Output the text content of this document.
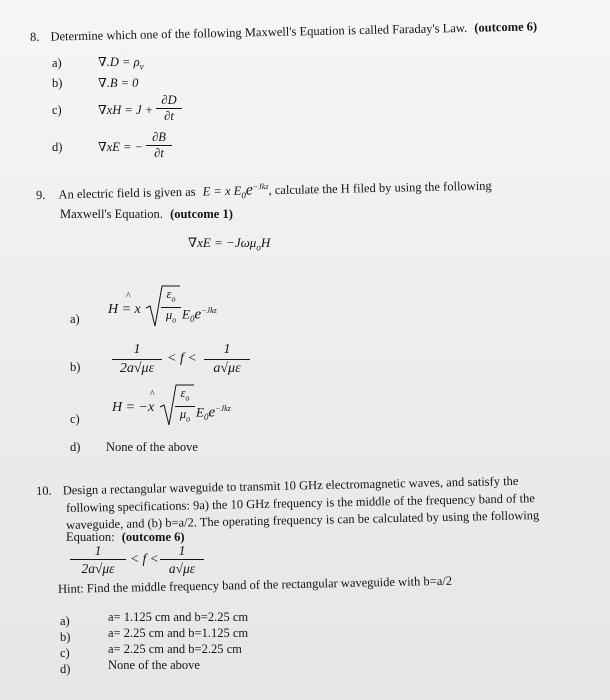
8. Determine which one of the following Maxwell's Equation is called Faraday's Law. (outcome 6)
a)	$\nabla.D = \rho_v$
b)	∇.B = 0
c)	∇xH = J +
∂D
∂t
d)	∇xE = −
∂B
∂t
9. An electric field is given as E = x $E_0e^{-Jkz}$, calculate the H filed by using the following
Maxwell's Equation. (outcome 1)
∇xE = −Jωμ$_o$H
a)
^
H = x
$\varepsilon_o$
$\mu_o$ $E_0e^{-Jkz}$
b)
1
2a√με
< f <
1
a√με
c)
^
H = −x
$\varepsilon_o$
$\mu_o$ $E_0e^{-Jkz}$
d) None of the above
10. Design a rectangular waveguide to transmit 10 GHz electromagnetic waves, and satisfy the
following specifications: 9a) the 10 GHz frequency is the middle of the frequency band of the
waveguide, and (b) b=a/2. The operating frequency is can be calculated by using the following
Equation: (outcome 6)
1
2a√με
< f <
1
a√με
Hint: Find the middle frequency band of the rectangular waveguide with b=a/2
a)	a= 1.125 cm and b=2.25 cm
b)	a= 2.25 cm and b=1.125 cm
c)	a= 2.25 cm and b=2.25 cm
d)	None of the above
